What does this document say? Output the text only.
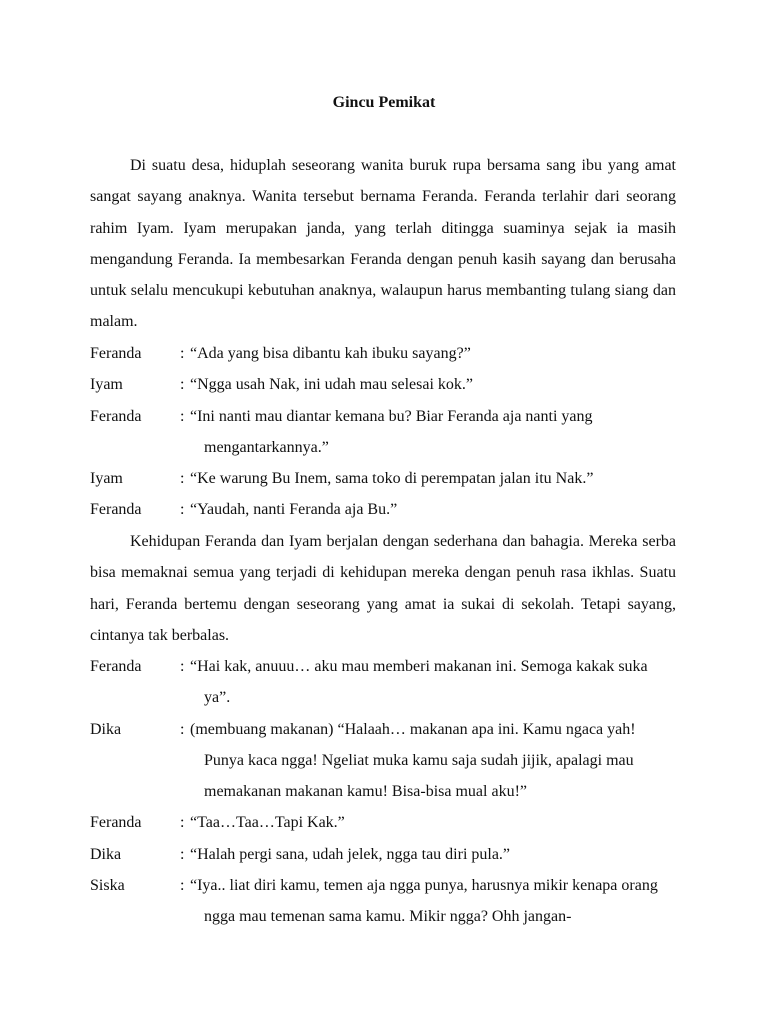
Gincu Pemikat

Di suatu desa, hiduplah seseorang wanita buruk rupa bersama sang ibu yang amat sangat sayang anaknya. Wanita tersebut bernama Feranda. Feranda terlahir dari seorang rahim Iyam. Iyam merupakan janda, yang terlah ditingga suaminya sejak ia masih mengandung Feranda. Ia membesarkan Feranda dengan penuh kasih sayang dan berusaha untuk selalu mencukupi kebutuhan anaknya, walaupun harus membanting tulang siang dan malam.

Feranda	: “Ada yang bisa dibantu kah ibuku sayang?”
Iyam	: “Ngga usah Nak, ini udah mau selesai kok.”
Feranda	: “Ini nanti mau diantar kemana bu? Biar Feranda aja nanti yang mengantarkannya.”
Iyam	: “Ke warung Bu Inem, sama toko di perempatan jalan itu Nak.”
Feranda	: “Yaudah, nanti Feranda aja Bu.”

Kehidupan Feranda dan Iyam berjalan dengan sederhana dan bahagia. Mereka serba bisa memaknai semua yang terjadi di kehidupan mereka dengan penuh rasa ikhlas. Suatu hari, Feranda bertemu dengan seseorang yang amat ia sukai di sekolah. Tetapi sayang, cintanya tak berbalas.

Feranda	: “Hai kak, anuuu… aku mau memberi makanan ini. Semoga kakak suka ya”.
Dika	: (membuang makanan) “Halaah… makanan apa ini. Kamu ngaca yah! Punya kaca ngga! Ngeliat muka kamu saja sudah jijik, apalagi mau memakanan makanan kamu! Bisa-bisa mual aku!”
Feranda	: “Taa…Taa…Tapi Kak.”
Dika	: “Halah pergi sana, udah jelek, ngga tau diri pula.”
Siska	: “Iya.. liat diri kamu, temen aja ngga punya, harusnya mikir kenapa orang ngga mau temenan sama kamu. Mikir ngga? Ohh jangan-
